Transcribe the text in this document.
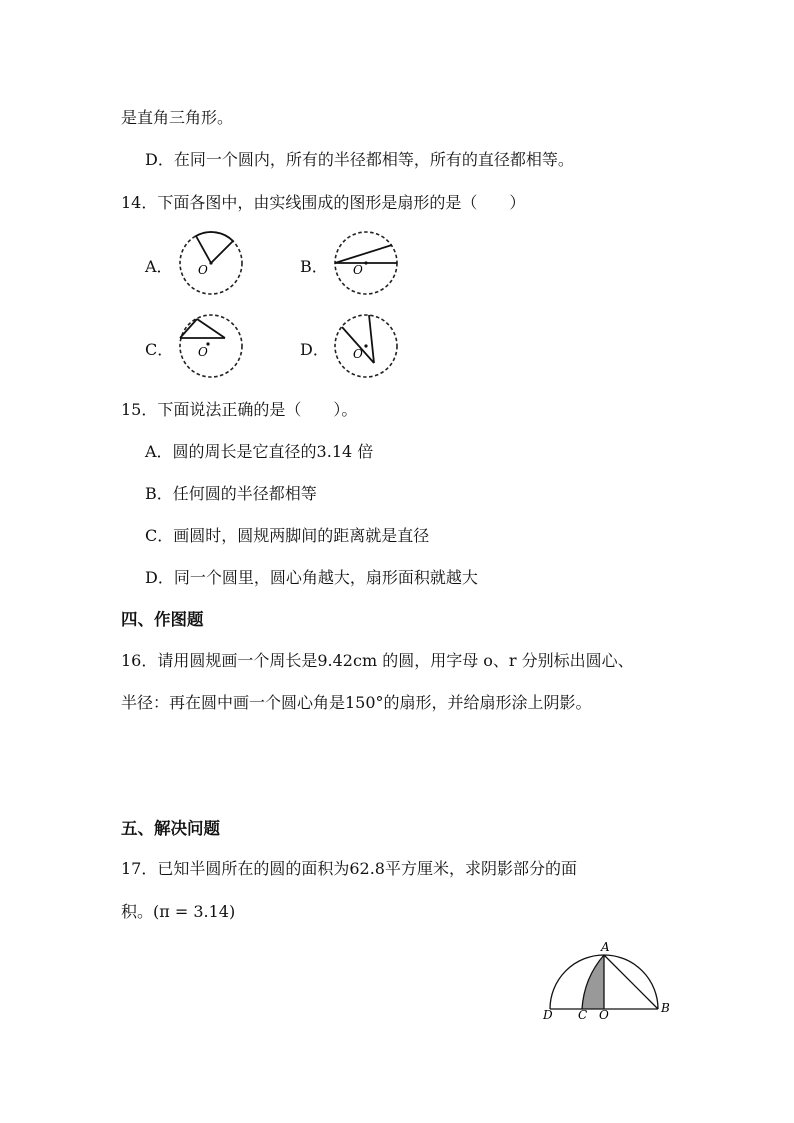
是直角三角形。
D．在同一个圆内，所有的半径都相等，所有的直径都相等。
14．下面各图中，由实线围成的图形是扇形的是（　　）
A．	B．
C．	D．
O	O
O	O
15．下面说法正确的是（　　）。
A．圆的周长是它直径的3.14 倍
B．任何圆的半径都相等
C．画圆时，圆规两脚间的距离就是直径
D．同一个圆里，圆心角越大，扇形面积就越大
四、作图题
16．请用圆规画一个周长是9.42cm 的圆，用字母 o、r 分别标出圆心、
半径：再在圆中画一个圆心角是150°的扇形，并给扇形涂上阴影。
五、解决问题
17．已知半圆所在的圆的面积为62.8平方厘米，求阴影部分的面
积。(π = 3.14)
A
B
C
D	O
